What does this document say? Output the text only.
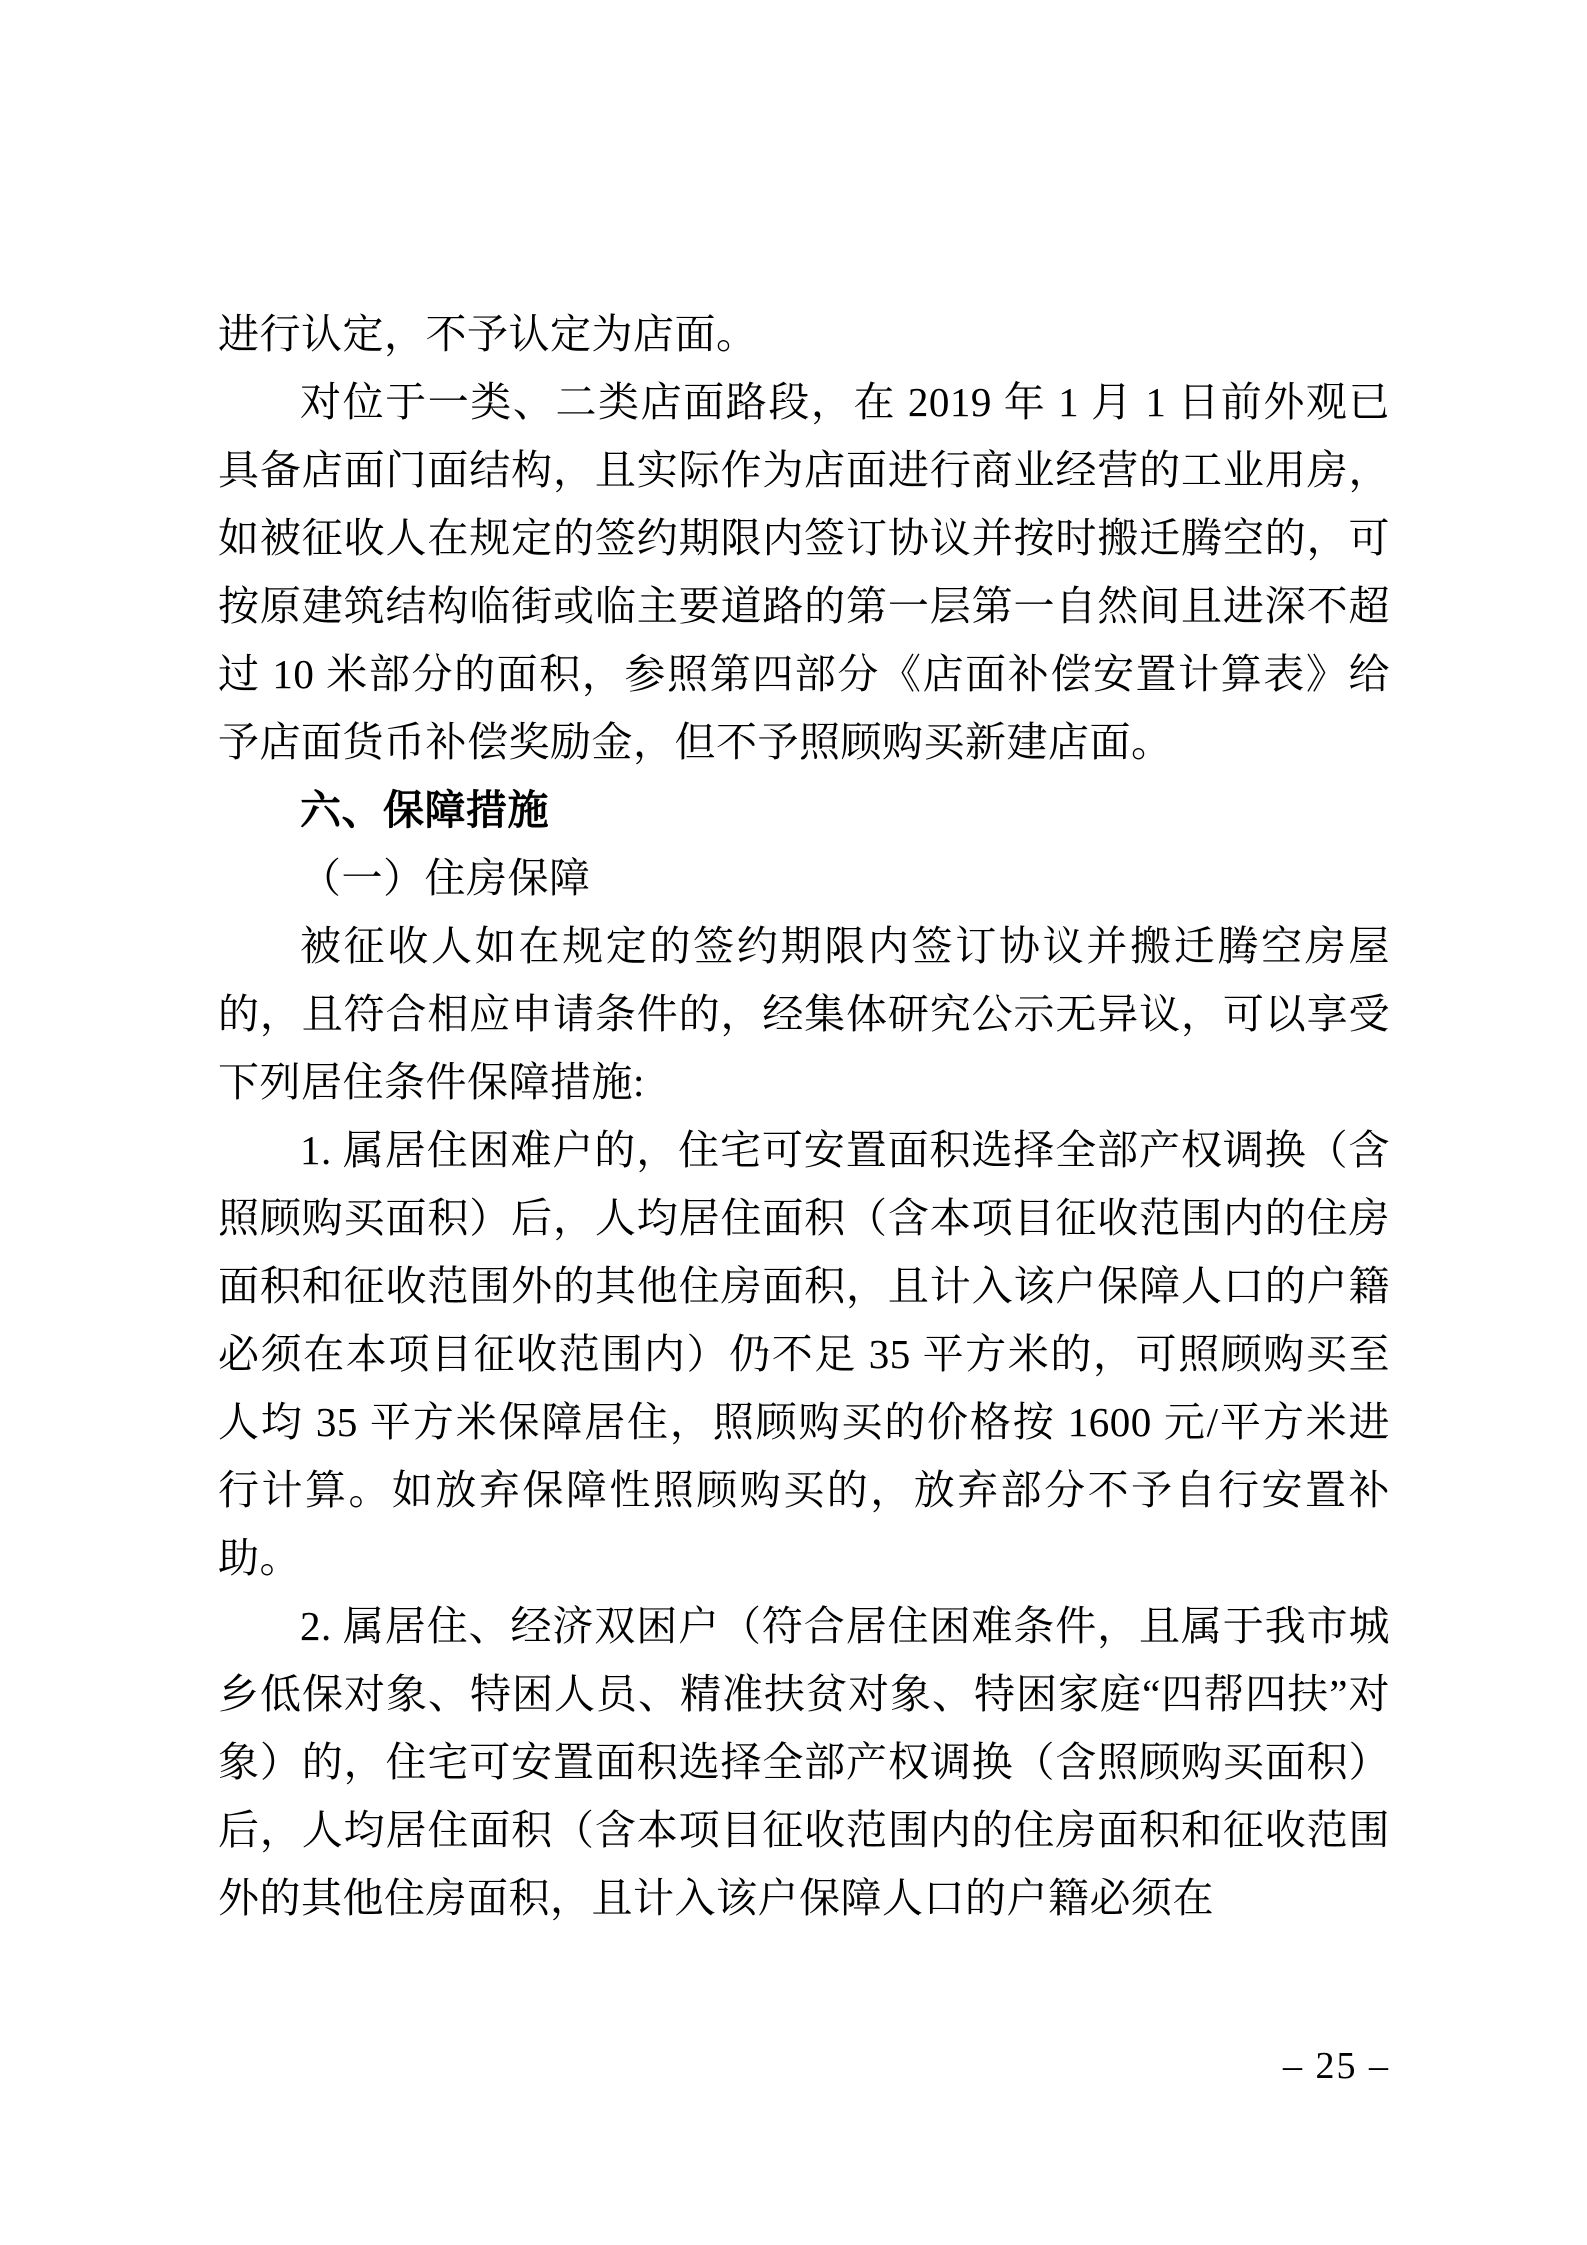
进行认定，不予认定为店面。

对位于一类、二类店面路段，在 2019 年 1 月 1 日前外观已具备店面门面结构，且实际作为店面进行商业经营的工业用房，如被征收人在规定的签约期限内签订协议并按时搬迁腾空的，可按原建筑结构临街或临主要道路的第一层第一自然间且进深不超过 10 米部分的面积，参照第四部分《店面补偿安置计算表》给予店面货币补偿奖励金，但不予照顾购买新建店面。

六、保障措施

（一）住房保障

被征收人如在规定的签约期限内签订协议并搬迁腾空房屋的，且符合相应申请条件的，经集体研究公示无异议，可以享受下列居住条件保障措施:

1. 属居住困难户的，住宅可安置面积选择全部产权调换（含照顾购买面积）后，人均居住面积（含本项目征收范围内的住房面积和征收范围外的其他住房面积，且计入该户保障人口的户籍必须在本项目征收范围内）仍不足 35 平方米的，可照顾购买至人均 35 平方米保障居住，照顾购买的价格按 1600 元/平方米进行计算。如放弃保障性照顾购买的，放弃部分不予自行安置补助。

2. 属居住、经济双困户（符合居住困难条件，且属于我市城乡低保对象、特困人员、精准扶贫对象、特困家庭“四帮四扶”对象）的，住宅可安置面积选择全部产权调换（含照顾购买面积）后，人均居住面积（含本项目征收范围内的住房面积和征收范围外的其他住房面积，且计入该户保障人口的户籍必须在

– 25 –
